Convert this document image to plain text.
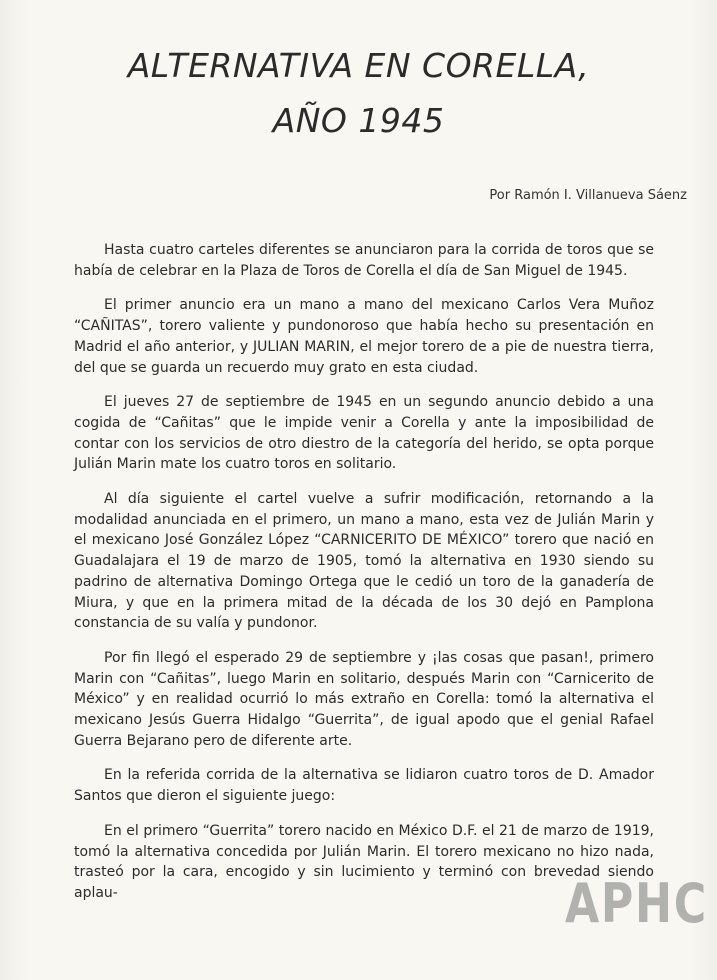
ALTERNATIVA EN CORELLA,
AÑO 1945
Por Ramón I. Villanueva Sáenz

Hasta cuatro carteles diferentes se anunciaron para la corrida de toros que se había de celebrar en la Plaza de Toros de Corella el día de San Miguel de 1945.

El primer anuncio era un mano a mano del mexicano Carlos Vera Muñoz “CAÑITAS”, torero valiente y pundonoroso que había hecho su presentación en Madrid el año anterior, y JULIAN MARIN, el mejor torero de a pie de nuestra tierra, del que se guarda un recuerdo muy grato en esta ciudad.

El jueves 27 de septiembre de 1945 en un segundo anuncio debido a una cogida de “Cañitas” que le impide venir a Corella y ante la imposibilidad de contar con los servicios de otro diestro de la categoría del herido, se opta porque Julián Marin mate los cuatro toros en solitario.

Al día siguiente el cartel vuelve a sufrir modificación, retornando a la modalidad anunciada en el primero, un mano a mano, esta vez de Julián Marin y el mexicano José González López “CARNICERITO DE MÉXICO” torero que nació en Guadalajara el 19 de marzo de 1905, tomó la alternativa en 1930 siendo su padrino de alternativa Domingo Ortega que le cedió un toro de la ganadería de Miura, y que en la primera mitad de la década de los 30 dejó en Pamplona constancia de su valía y pundonor.

Por fin llegó el esperado 29 de septiembre y ¡las cosas que pasan!, primero Marin con “Cañitas”, luego Marin en solitario, después Marin con “Carnicerito de México” y en realidad ocurrió lo más extraño en Corella: tomó la alternativa el mexicano Jesús Guerra Hidalgo “Guerrita”, de igual apodo que el genial Rafael Guerra Bejarano pero de diferente arte.

En la referida corrida de la alternativa se lidiaron cuatro toros de D. Amador Santos que dieron el siguiente juego:

En el primero “Guerrita” torero nacido en México D.F. el 21 de marzo de 1919, tomó la alternativa concedida por Julián Marin. El torero mexicano no hizo nada, trasteó por la cara, encogido y sin lucimiento y terminó con brevedad siendo aplau-	APHC
